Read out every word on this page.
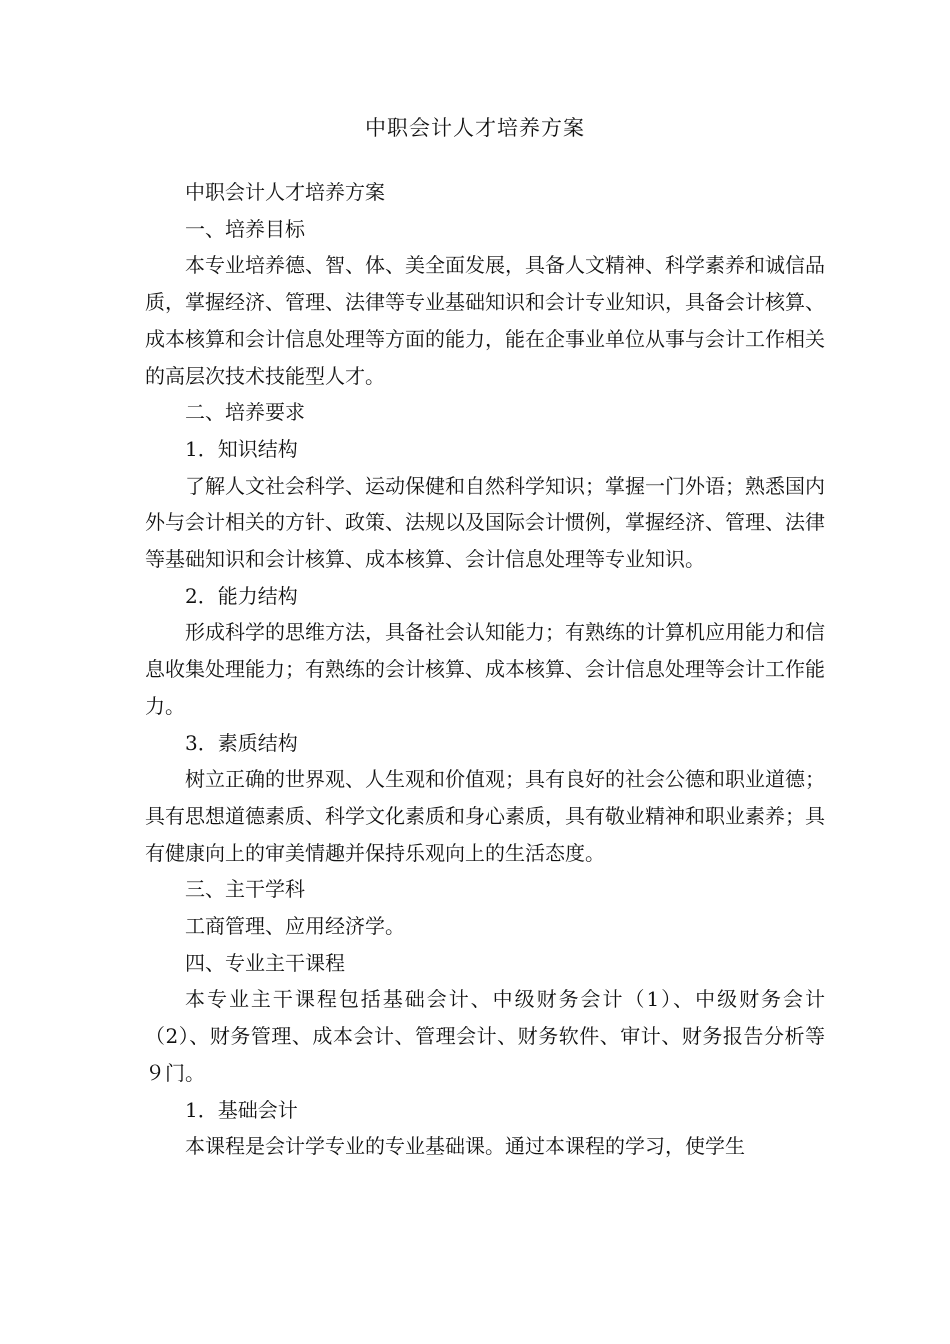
中职会计人才培养方案

中职会计人才培养方案

一、培养目标

本专业培养德、智、体、美全面发展，具备人文精神、科学素养和诚信品质，掌握经济、管理、法律等专业基础知识和会计专业知识，具备会计核算、成本核算和会计信息处理等方面的能力，能在企事业单位从事与会计工作相关的高层次技术技能型人才。

二、培养要求

1．知识结构

了解人文社会科学、运动保健和自然科学知识；掌握一门外语；熟悉国内外与会计相关的方针、政策、法规以及国际会计惯例，掌握经济、管理、法律等基础知识和会计核算、成本核算、会计信息处理等专业知识。

2．能力结构

形成科学的思维方法，具备社会认知能力；有熟练的计算机应用能力和信息收集处理能力；有熟练的会计核算、成本核算、会计信息处理等会计工作能力。

3．素质结构

树立正确的世界观、人生观和价值观；具有良好的社会公德和职业道德；具有思想道德素质、科学文化素质和身心素质，具有敬业精神和职业素养；具有健康向上的审美情趣并保持乐观向上的生活态度。

三、主干学科

工商管理、应用经济学。

四、专业主干课程

本专业主干课程包括基础会计、中级财务会计（1）、中级财务会计（2）、财务管理、成本会计、管理会计、财务软件、审计、财务报告分析等９门。

1．基础会计

本课程是会计学专业的专业基础课。通过本课程的学习，使学生
